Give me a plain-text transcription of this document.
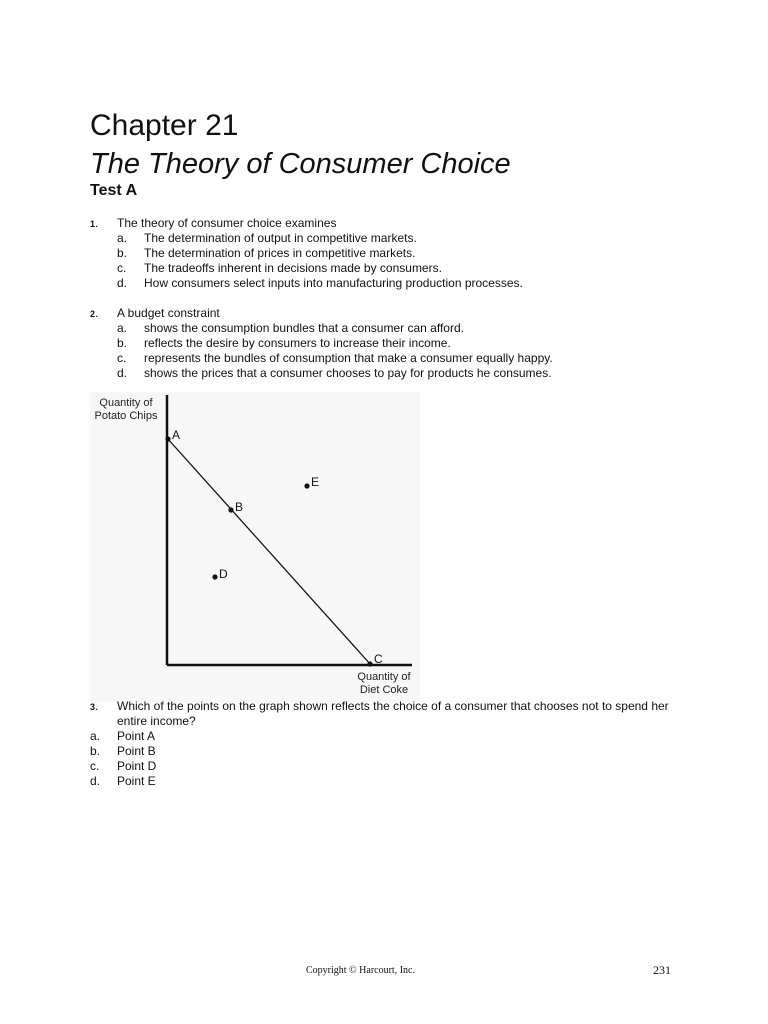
Chapter 21
The Theory of Consumer Choice
Test A
1.	The theory of consumer choice examines
a.	The determination of output in competitive markets.
b.	The determination of prices in competitive markets.
c.	The tradeoffs inherent in decisions made by consumers.
d.	How consumers select inputs into manufacturing production processes.
2.	A budget constraint
a.	shows the consumption bundles that a consumer can afford.
b.	reflects the desire by consumers to increase their income.
c.	represents the bundles of consumption that make a consumer equally happy.
d.	shows the prices that a consumer chooses to pay for products he consumes.
Quantity of
Potato Chips
A
B
C
D
E
Quantity of
Diet Coke
3.	Which of the points on the graph shown reflects the choice of a consumer that chooses not to spend her entire income?
a.	Point A
b.	Point B
c.	Point D
d.	Point E
Copyright © Harcourt, Inc.	231
